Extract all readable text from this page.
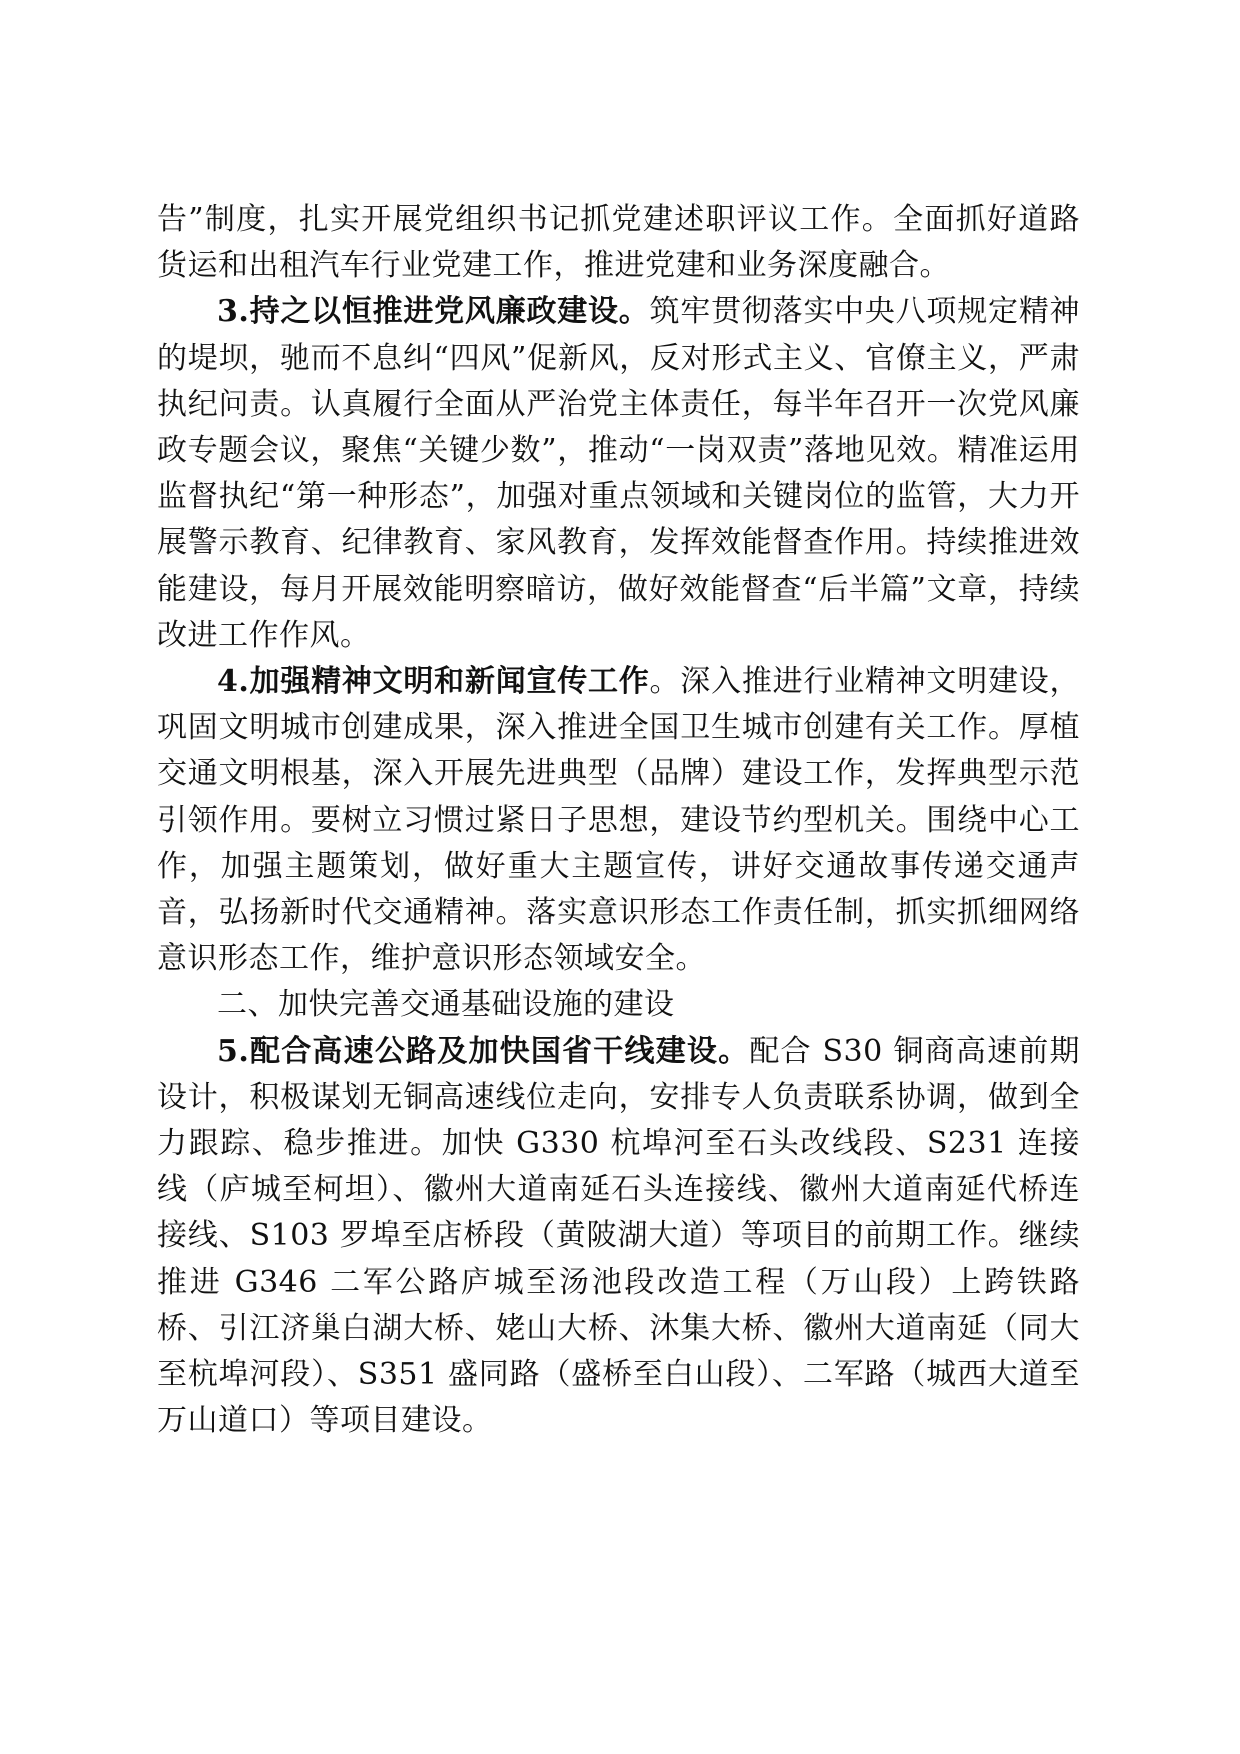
告”制度，扎实开展党组织书记抓党建述职评议工作。全面抓好道路货运和出租汽车行业党建工作，推进党建和业务深度融合。

3.持之以恒推进党风廉政建设。筑牢贯彻落实中央八项规定精神的堤坝，驰而不息纠“四风”促新风，反对形式主义、官僚主义，严肃执纪问责。认真履行全面从严治党主体责任，每半年召开一次党风廉政专题会议，聚焦“关键少数”，推动“一岗双责”落地见效。精准运用监督执纪“第一种形态”，加强对重点领域和关键岗位的监管，大力开展警示教育、纪律教育、家风教育，发挥效能督查作用。持续推进效能建设，每月开展效能明察暗访，做好效能督查“后半篇”文章，持续改进工作作风。

4.加强精神文明和新闻宣传工作。深入推进行业精神文明建设，巩固文明城市创建成果，深入推进全国卫生城市创建有关工作。厚植交通文明根基，深入开展先进典型（品牌）建设工作，发挥典型示范引领作用。要树立习惯过紧日子思想，建设节约型机关。围绕中心工作，加强主题策划，做好重大主题宣传，讲好交通故事传递交通声音，弘扬新时代交通精神。落实意识形态工作责任制，抓实抓细网络意识形态工作，维护意识形态领域安全。

二、加快完善交通基础设施的建设

5.配合高速公路及加快国省干线建设。配合 S30 铜商高速前期设计，积极谋划无铜高速线位走向，安排专人负责联系协调，做到全力跟踪、稳步推进。加快 G330 杭埠河至石头改线段、S231 连接线（庐城至柯坦）、徽州大道南延石头连接线、徽州大道南延代桥连接线、S103 罗埠至店桥段（黄陂湖大道）等项目的前期工作。继续推进 G346 二军公路庐城至汤池段改造工程（万山段）上跨铁路桥、引江济巢白湖大桥、姥山大桥、沐集大桥、徽州大道南延（同大至杭埠河段）、S351 盛同路（盛桥至白山段）、二军路（城西大道至万山道口）等项目建设。
